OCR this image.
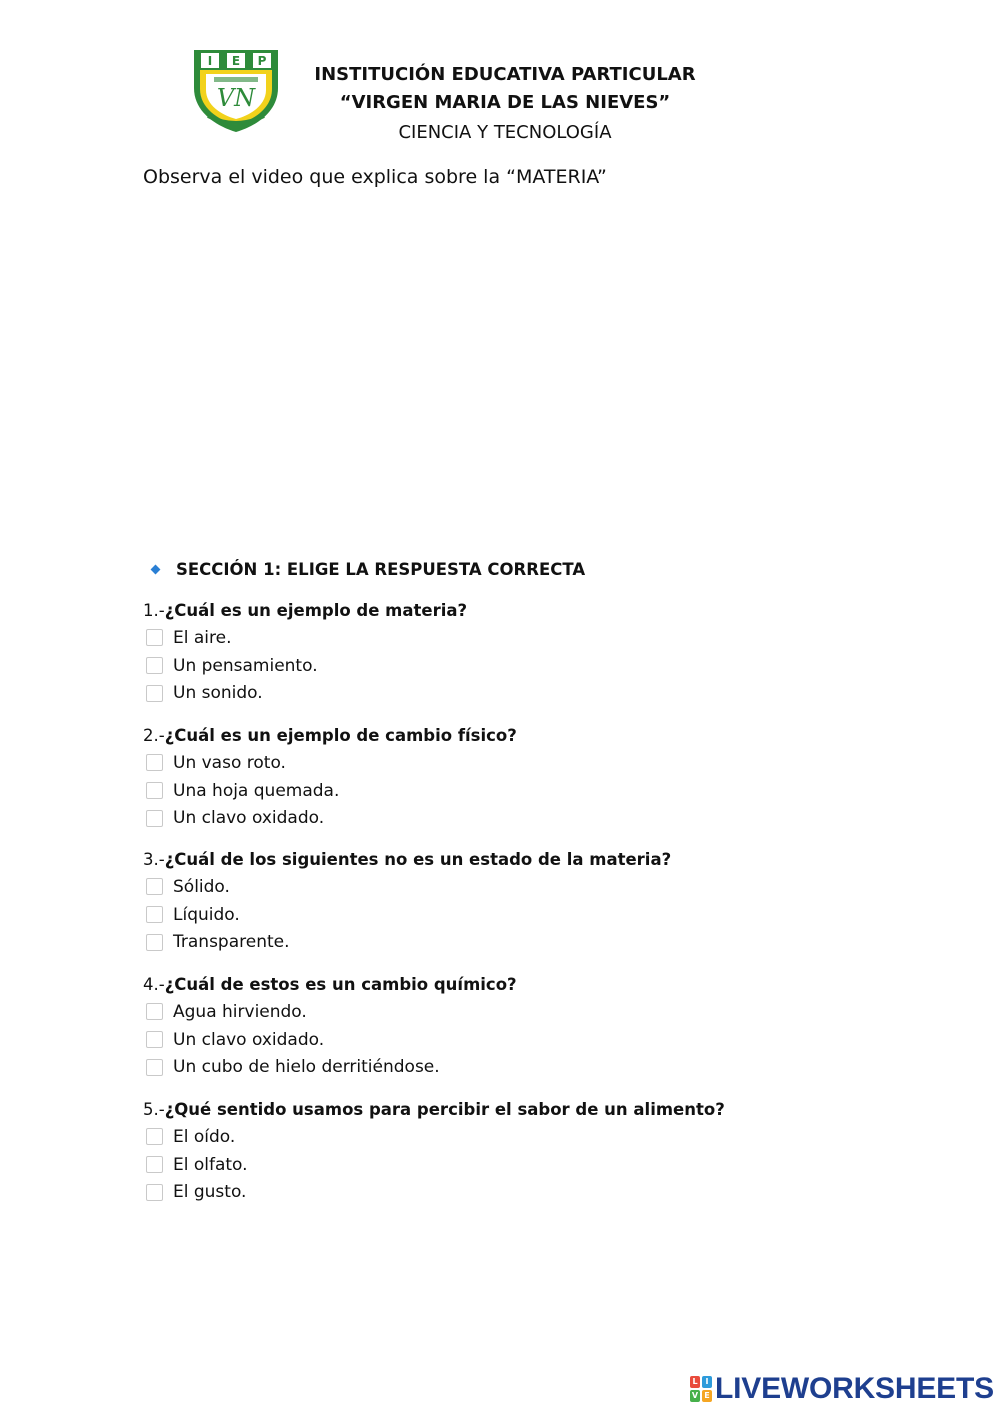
I E P
VN
INSTITUCIÓN EDUCATIVA PARTICULAR
“VIRGEN MARIA DE LAS NIEVES”
CIENCIA Y TECNOLOGÍA
Observa el video que explica sobre la “MATERIA”
SECCIÓN 1: ELIGE LA RESPUESTA CORRECTA
1.-¿Cuál es un ejemplo de materia?
El aire.
Un pensamiento.
Un sonido.
2.-¿Cuál es un ejemplo de cambio físico?
Un vaso roto.
Una hoja quemada.
Un clavo oxidado.
3.-¿Cuál de los siguientes no es un estado de la materia?
Sólido.
Líquido.
Transparente.
4.-¿Cuál de estos es un cambio químico?
Agua hirviendo.
Un clavo oxidado.
Un cubo de hielo derritiéndose.
5.-¿Qué sentido usamos para percibir el sabor de un alimento?
El oído.
El olfato.
El gusto.
L I
V E LIVEWORKSHEETS
